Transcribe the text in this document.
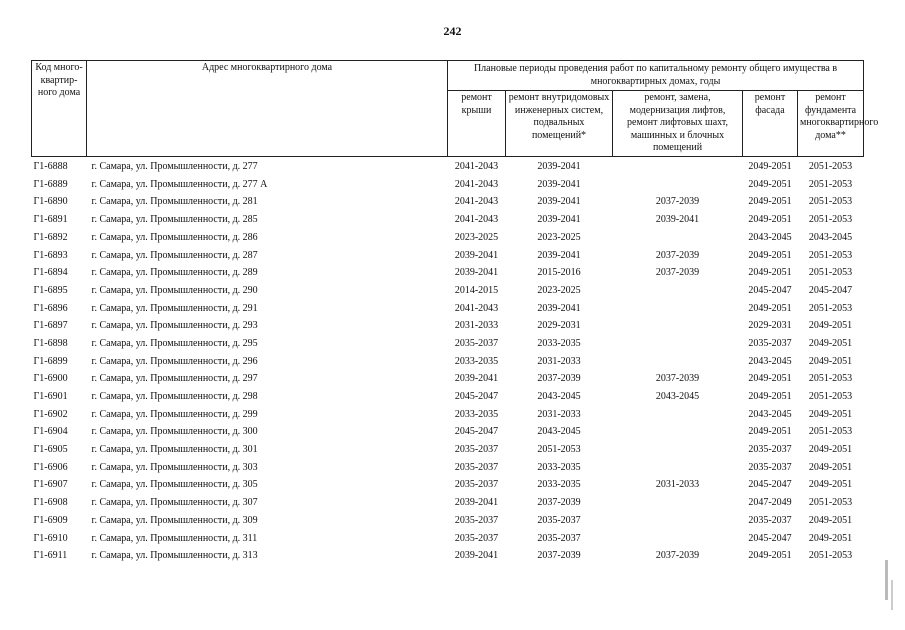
242
Код много-квартир-ного дома	Адрес многоквартирного дома	Плановые периоды проведения работ по капитальному ремонту общего имущества в многоквартирных домах, годы				
		ремонт крыши	ремонт внутридомовых инженерных систем, подвальных помещений*	ремонт, замена, модернизация лифтов, ремонт лифтовых шахт, машинных и блочных помещений	ремонт фасада	ремонт фундамента многоквартирного дома**
Г1-6888	г. Самара, ул. Промышленности, д. 277	2041-2043	2039-2041		2049-2051	2051-2053
Г1-6889	г. Самара, ул. Промышленности, д. 277 А	2041-2043	2039-2041		2049-2051	2051-2053
Г1-6890	г. Самара, ул. Промышленности, д. 281	2041-2043	2039-2041	2037-2039	2049-2051	2051-2053
Г1-6891	г. Самара, ул. Промышленности, д. 285	2041-2043	2039-2041	2039-2041	2049-2051	2051-2053
Г1-6892	г. Самара, ул. Промышленности, д. 286	2023-2025	2023-2025		2043-2045	2043-2045
Г1-6893	г. Самара, ул. Промышленности, д. 287	2039-2041	2039-2041	2037-2039	2049-2051	2051-2053
Г1-6894	г. Самара, ул. Промышленности, д. 289	2039-2041	2015-2016	2037-2039	2049-2051	2051-2053
Г1-6895	г. Самара, ул. Промышленности, д. 290	2014-2015	2023-2025		2045-2047	2045-2047
Г1-6896	г. Самара, ул. Промышленности, д. 291	2041-2043	2039-2041		2049-2051	2051-2053
Г1-6897	г. Самара, ул. Промышленности, д. 293	2031-2033	2029-2031		2029-2031	2049-2051
Г1-6898	г. Самара, ул. Промышленности, д. 295	2035-2037	2033-2035		2035-2037	2049-2051
Г1-6899	г. Самара, ул. Промышленности, д. 296	2033-2035	2031-2033		2043-2045	2049-2051
Г1-6900	г. Самара, ул. Промышленности, д. 297	2039-2041	2037-2039	2037-2039	2049-2051	2051-2053
Г1-6901	г. Самара, ул. Промышленности, д. 298	2045-2047	2043-2045	2043-2045	2049-2051	2051-2053
Г1-6902	г. Самара, ул. Промышленности, д. 299	2033-2035	2031-2033		2043-2045	2049-2051
Г1-6904	г. Самара, ул. Промышленности, д. 300	2045-2047	2043-2045		2049-2051	2051-2053
Г1-6905	г. Самара, ул. Промышленности, д. 301	2035-2037	2051-2053		2035-2037	2049-2051
Г1-6906	г. Самара, ул. Промышленности, д. 303	2035-2037	2033-2035		2035-2037	2049-2051
Г1-6907	г. Самара, ул. Промышленности, д. 305	2035-2037	2033-2035	2031-2033	2045-2047	2049-2051
Г1-6908	г. Самара, ул. Промышленности, д. 307	2039-2041	2037-2039		2047-2049	2051-2053
Г1-6909	г. Самара, ул. Промышленности, д. 309	2035-2037	2035-2037		2035-2037	2049-2051
Г1-6910	г. Самара, ул. Промышленности, д. 311	2035-2037	2035-2037		2045-2047	2049-2051
Г1-6911	г. Самара, ул. Промышленности, д. 313	2039-2041	2037-2039	2037-2039	2049-2051	2051-2053
